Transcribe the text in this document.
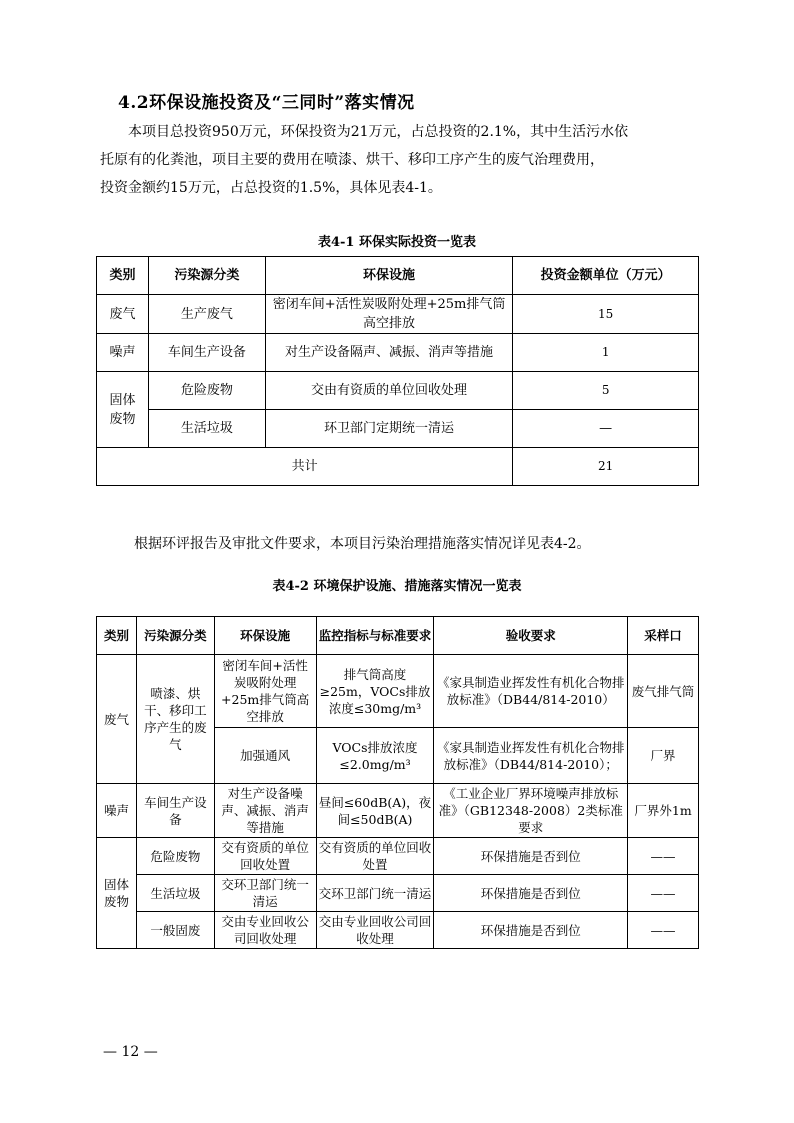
4.2环保设施投资及“三同时”落实情况
本项目总投资950万元，环保投资为21万元，占总投资的2.1%，其中生活污水依
托原有的化粪池，项目主要的费用在喷漆、烘干、移印工序产生的废气治理费用，
投资金额约15万元，占总投资的1.5%，具体见表4-1。
表4-1 环保实际投资一览表
类别	污染源分类	环保设施	投资金额单位（万元）
废气	生产废气	密闭车间+活性炭吸附处理+25m排气筒高空排放	15
噪声	车间生产设备	对生产设备隔声、减振、消声等措施	1
固体废物	危险废物	交由有资质的单位回收处理	5
	生活垃圾	环卫部门定期统一清运	—
共计			21
根据环评报告及审批文件要求，本项目污染治理措施落实情况详见表4-2。
表4-2 环境保护设施、措施落实情况一览表
类别	污染源分类	环保设施	监控指标与标准要求	验收要求	采样口
废气	喷漆、烘干、移印工序产生的废气	密闭车间+活性炭吸附处理+25m排气筒高空排放	排气筒高度≥25m，VOCs排放浓度≤30mg/m³	《家具制造业挥发性有机化合物排放标准》（DB44/814-2010）	废气排气筒
		加强通风	VOCs排放浓度≤2.0mg/m³	《家具制造业挥发性有机化合物排放标准》（DB44/814-2010）；	厂界
噪声	车间生产设备	对生产设备噪声、减振、消声等措施	昼间≤60dB(A)，夜间≤50dB(A)	《工业企业厂界环境噪声排放标准》（GB12348-2008）2类标准要求	厂界外1m
固体废物	危险废物	交有资质的单位回收处置	交有资质的单位回收处置	环保措施是否到位	——
	生活垃圾	交环卫部门统一清运	交环卫部门统一清运	环保措施是否到位	——
	一般固废	交由专业回收公司回收处理	交由专业回收公司回收处理	环保措施是否到位	——
— 12 —
